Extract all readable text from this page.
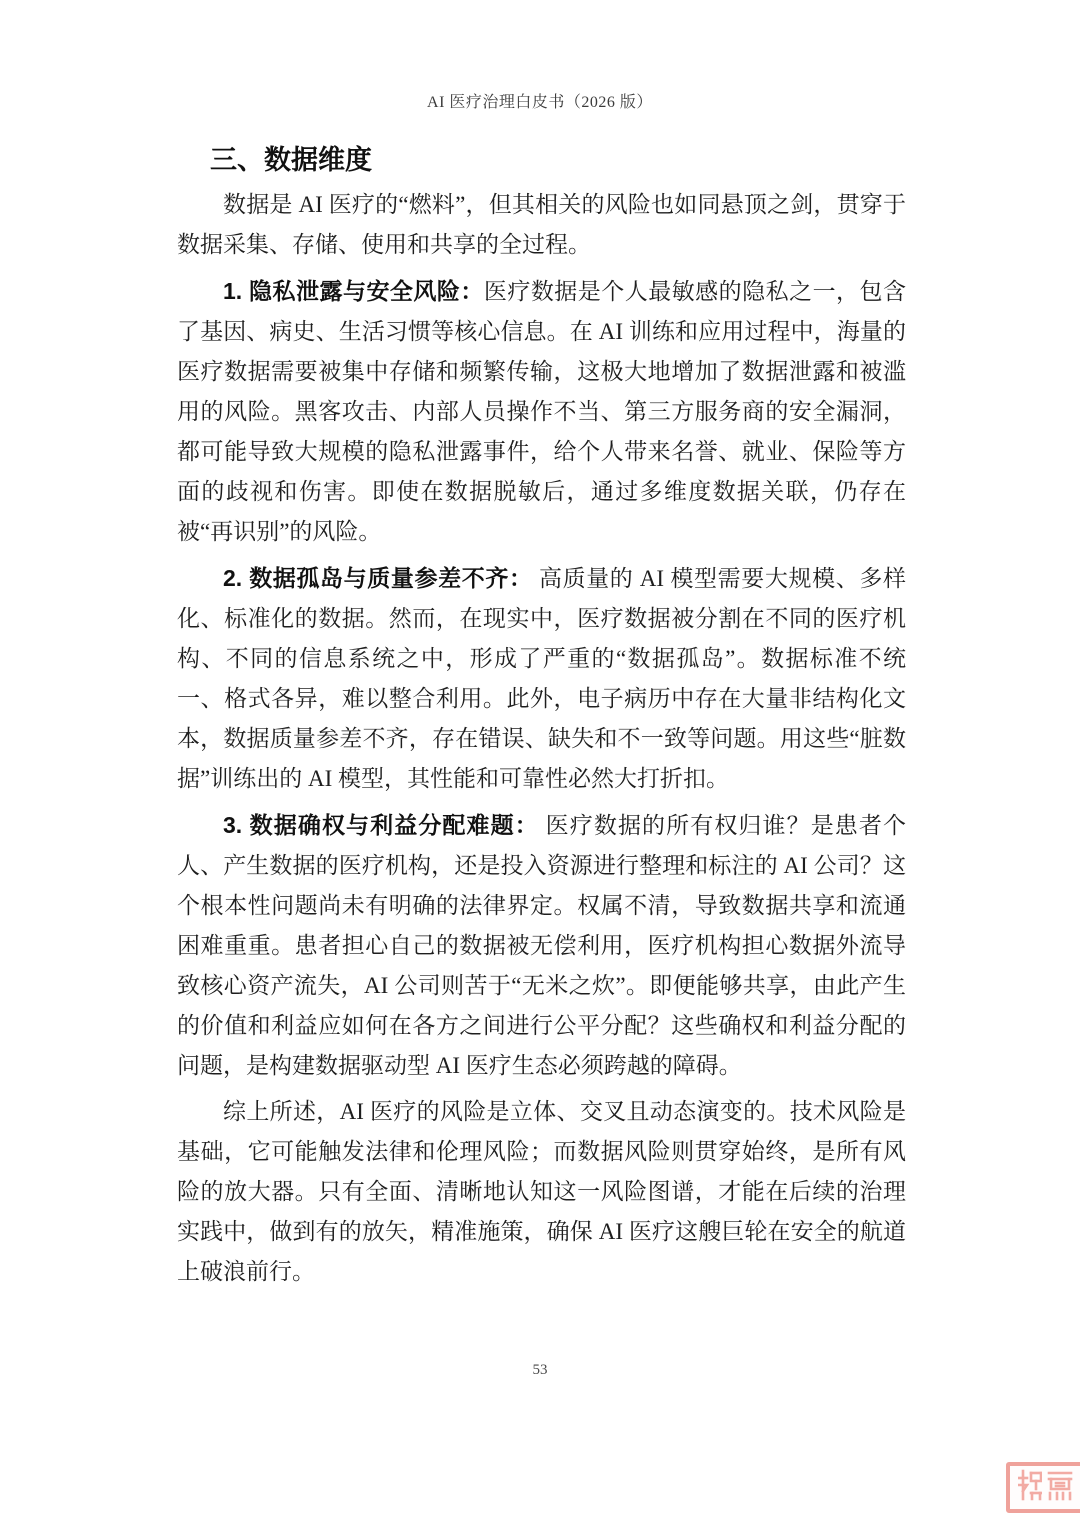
AI 医疗治理白皮书（2026 版）
三、数据维度

数据是 AI 医疗的“燃料”，但其相关的风险也如同悬顶之剑，贯穿于数据采集、存储、使用和共享的全过程。

1. 隐私泄露与安全风险：医疗数据是个人最敏感的隐私之一，包含了基因、病史、生活习惯等核心信息。在 AI 训练和应用过程中，海量的医疗数据需要被集中存储和频繁传输，这极大地增加了数据泄露和被滥用的风险。黑客攻击、内部人员操作不当、第三方服务商的安全漏洞，都可能导致大规模的隐私泄露事件，给个人带来名誉、就业、保险等方面的歧视和伤害。即使在数据脱敏后，通过多维度数据关联，仍存在被“再识别”的风险。

2. 数据孤岛与质量参差不齐： 高质量的 AI 模型需要大规模、多样化、标准化的数据。然而，在现实中，医疗数据被分割在不同的医疗机构、不同的信息系统之中，形成了严重的“数据孤岛”。数据标准不统一、格式各异，难以整合利用。此外，电子病历中存在大量非结构化文本，数据质量参差不齐，存在错误、缺失和不一致等问题。用这些“脏数据”训练出的 AI 模型，其性能和可靠性必然大打折扣。

3. 数据确权与利益分配难题： 医疗数据的所有权归谁？是患者个人、产生数据的医疗机构，还是投入资源进行整理和标注的 AI 公司？这个根本性问题尚未有明确的法律界定。权属不清，导致数据共享和流通困难重重。患者担心自己的数据被无偿利用，医疗机构担心数据外流导致核心资产流失，AI 公司则苦于“无米之炊”。即便能够共享，由此产生的价值和利益应如何在各方之间进行公平分配？这些确权和利益分配的问题，是构建数据驱动型 AI 医疗生态必须跨越的障碍。

综上所述，AI 医疗的风险是立体、交叉且动态演变的。技术风险是基础，它可能触发法律和伦理风险；而数据风险则贯穿始终，是所有风险的放大器。只有全面、清晰地认知这一风险图谱，才能在后续的治理实践中，做到有的放矢，精准施策，确保 AI 医疗这艘巨轮在安全的航道上破浪前行。

53
